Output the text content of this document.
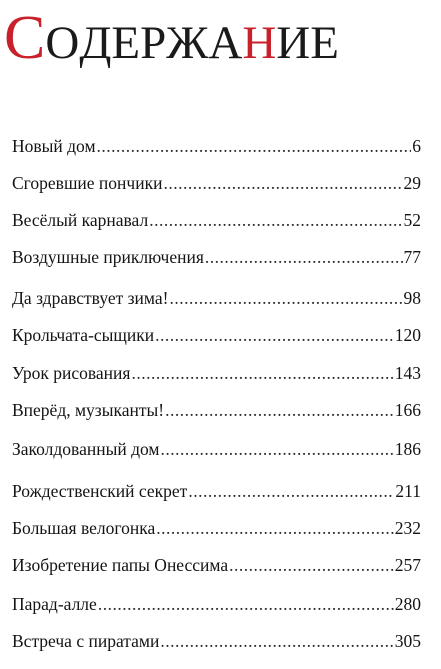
СОДЕРЖАНИЕ
Новый дом .....	6
Сгоревшие пончики .....	29
Весёлый карнавал .....	52
Воздушные приключения .....	77
Да здравствует зима! .....	98
Крольчата-сыщики .....	120
Урок рисования .....	143
Вперёд, музыканты! .....	166
Заколдованный дом .....	186
Рождественский секрет .....	211
Большая велогонка .....	232
Изобретение папы Онессима .....	257
Парад-алле .....	280
Встреча с пиратами .....	305
